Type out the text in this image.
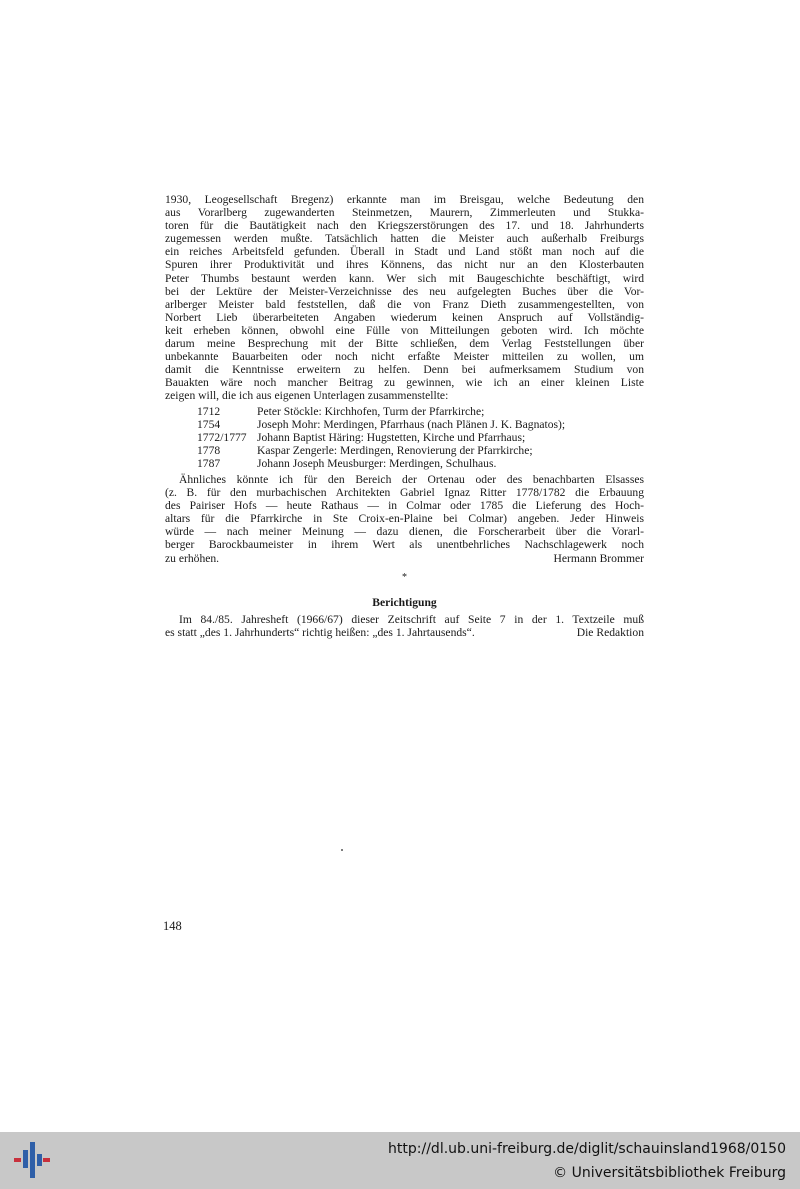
1930, Leogesellschaft Bregenz) erkannte man im Breisgau, welche Bedeutung den
aus Vorarlberg zugewanderten Steinmetzen, Maurern, Zimmerleuten und Stukka-
toren für die Bautätigkeit nach den Kriegszerstörungen des 17. und 18. Jahrhunderts
zugemessen werden mußte. Tatsächlich hatten die Meister auch außerhalb Freiburgs
ein reiches Arbeitsfeld gefunden. Überall in Stadt und Land stößt man noch auf die
Spuren ihrer Produktivität und ihres Könnens, das nicht nur an den Klosterbauten
Peter Thumbs bestaunt werden kann. Wer sich mit Baugeschichte beschäftigt, wird
bei der Lektüre der Meister-Verzeichnisse des neu aufgelegten Buches über die Vor-
arlberger Meister bald feststellen, daß die von Franz Dieth zusammengestellten, von
Norbert Lieb überarbeiteten Angaben wiederum keinen Anspruch auf Vollständig-
keit erheben können, obwohl eine Fülle von Mitteilungen geboten wird. Ich möchte
darum meine Besprechung mit der Bitte schließen, dem Verlag Feststellungen über
unbekannte Bauarbeiten oder noch nicht erfaßte Meister mitteilen zu wollen, um
damit die Kenntnisse erweitern zu helfen. Denn bei aufmerksamem Studium von
Bauakten wäre noch mancher Beitrag zu gewinnen, wie ich an einer kleinen Liste
zeigen will, die ich aus eigenen Unterlagen zusammenstellte:

1712	Peter Stöckle: Kirchhofen, Turm der Pfarrkirche;
1754	Joseph Mohr: Merdingen, Pfarrhaus (nach Plänen J. K. Bagnatos);
1772/1777 Johann Baptist Häring: Hugstetten, Kirche und Pfarrhaus;
1778	Kaspar Zengerle: Merdingen, Renovierung der Pfarrkirche;
1787	Johann Joseph Meusburger: Merdingen, Schulhaus.

Ähnliches könnte ich für den Bereich der Ortenau oder des benachbarten Elsasses
(z. B. für den murbachischen Architekten Gabriel Ignaz Ritter 1778/1782 die Erbauung
des Pairiser Hofs — heute Rathaus — in Colmar oder 1785 die Lieferung des Hoch-
altars für die Pfarrkirche in Ste Croix-en-Plaine bei Colmar) angeben. Jeder Hinweis
würde — nach meiner Meinung — dazu dienen, die Forscherarbeit über die Vorarl-
berger Barockbaumeister in ihrem Wert als unentbehrliches Nachschlagewerk noch
zu erhöhen.	Hermann Brommer

*
Berichtigung

Im 84./85. Jahresheft (1966/67) dieser Zeitschrift auf Seite 7 in der 1. Textzeile muß
es statt „des 1. Jahrhunderts“ richtig heißen: „des 1. Jahrtausends“.	Die Redaktion

148
http://dl.ub.uni-freiburg.de/diglit/schauinsland1968/0150
© Universitätsbibliothek Freiburg
